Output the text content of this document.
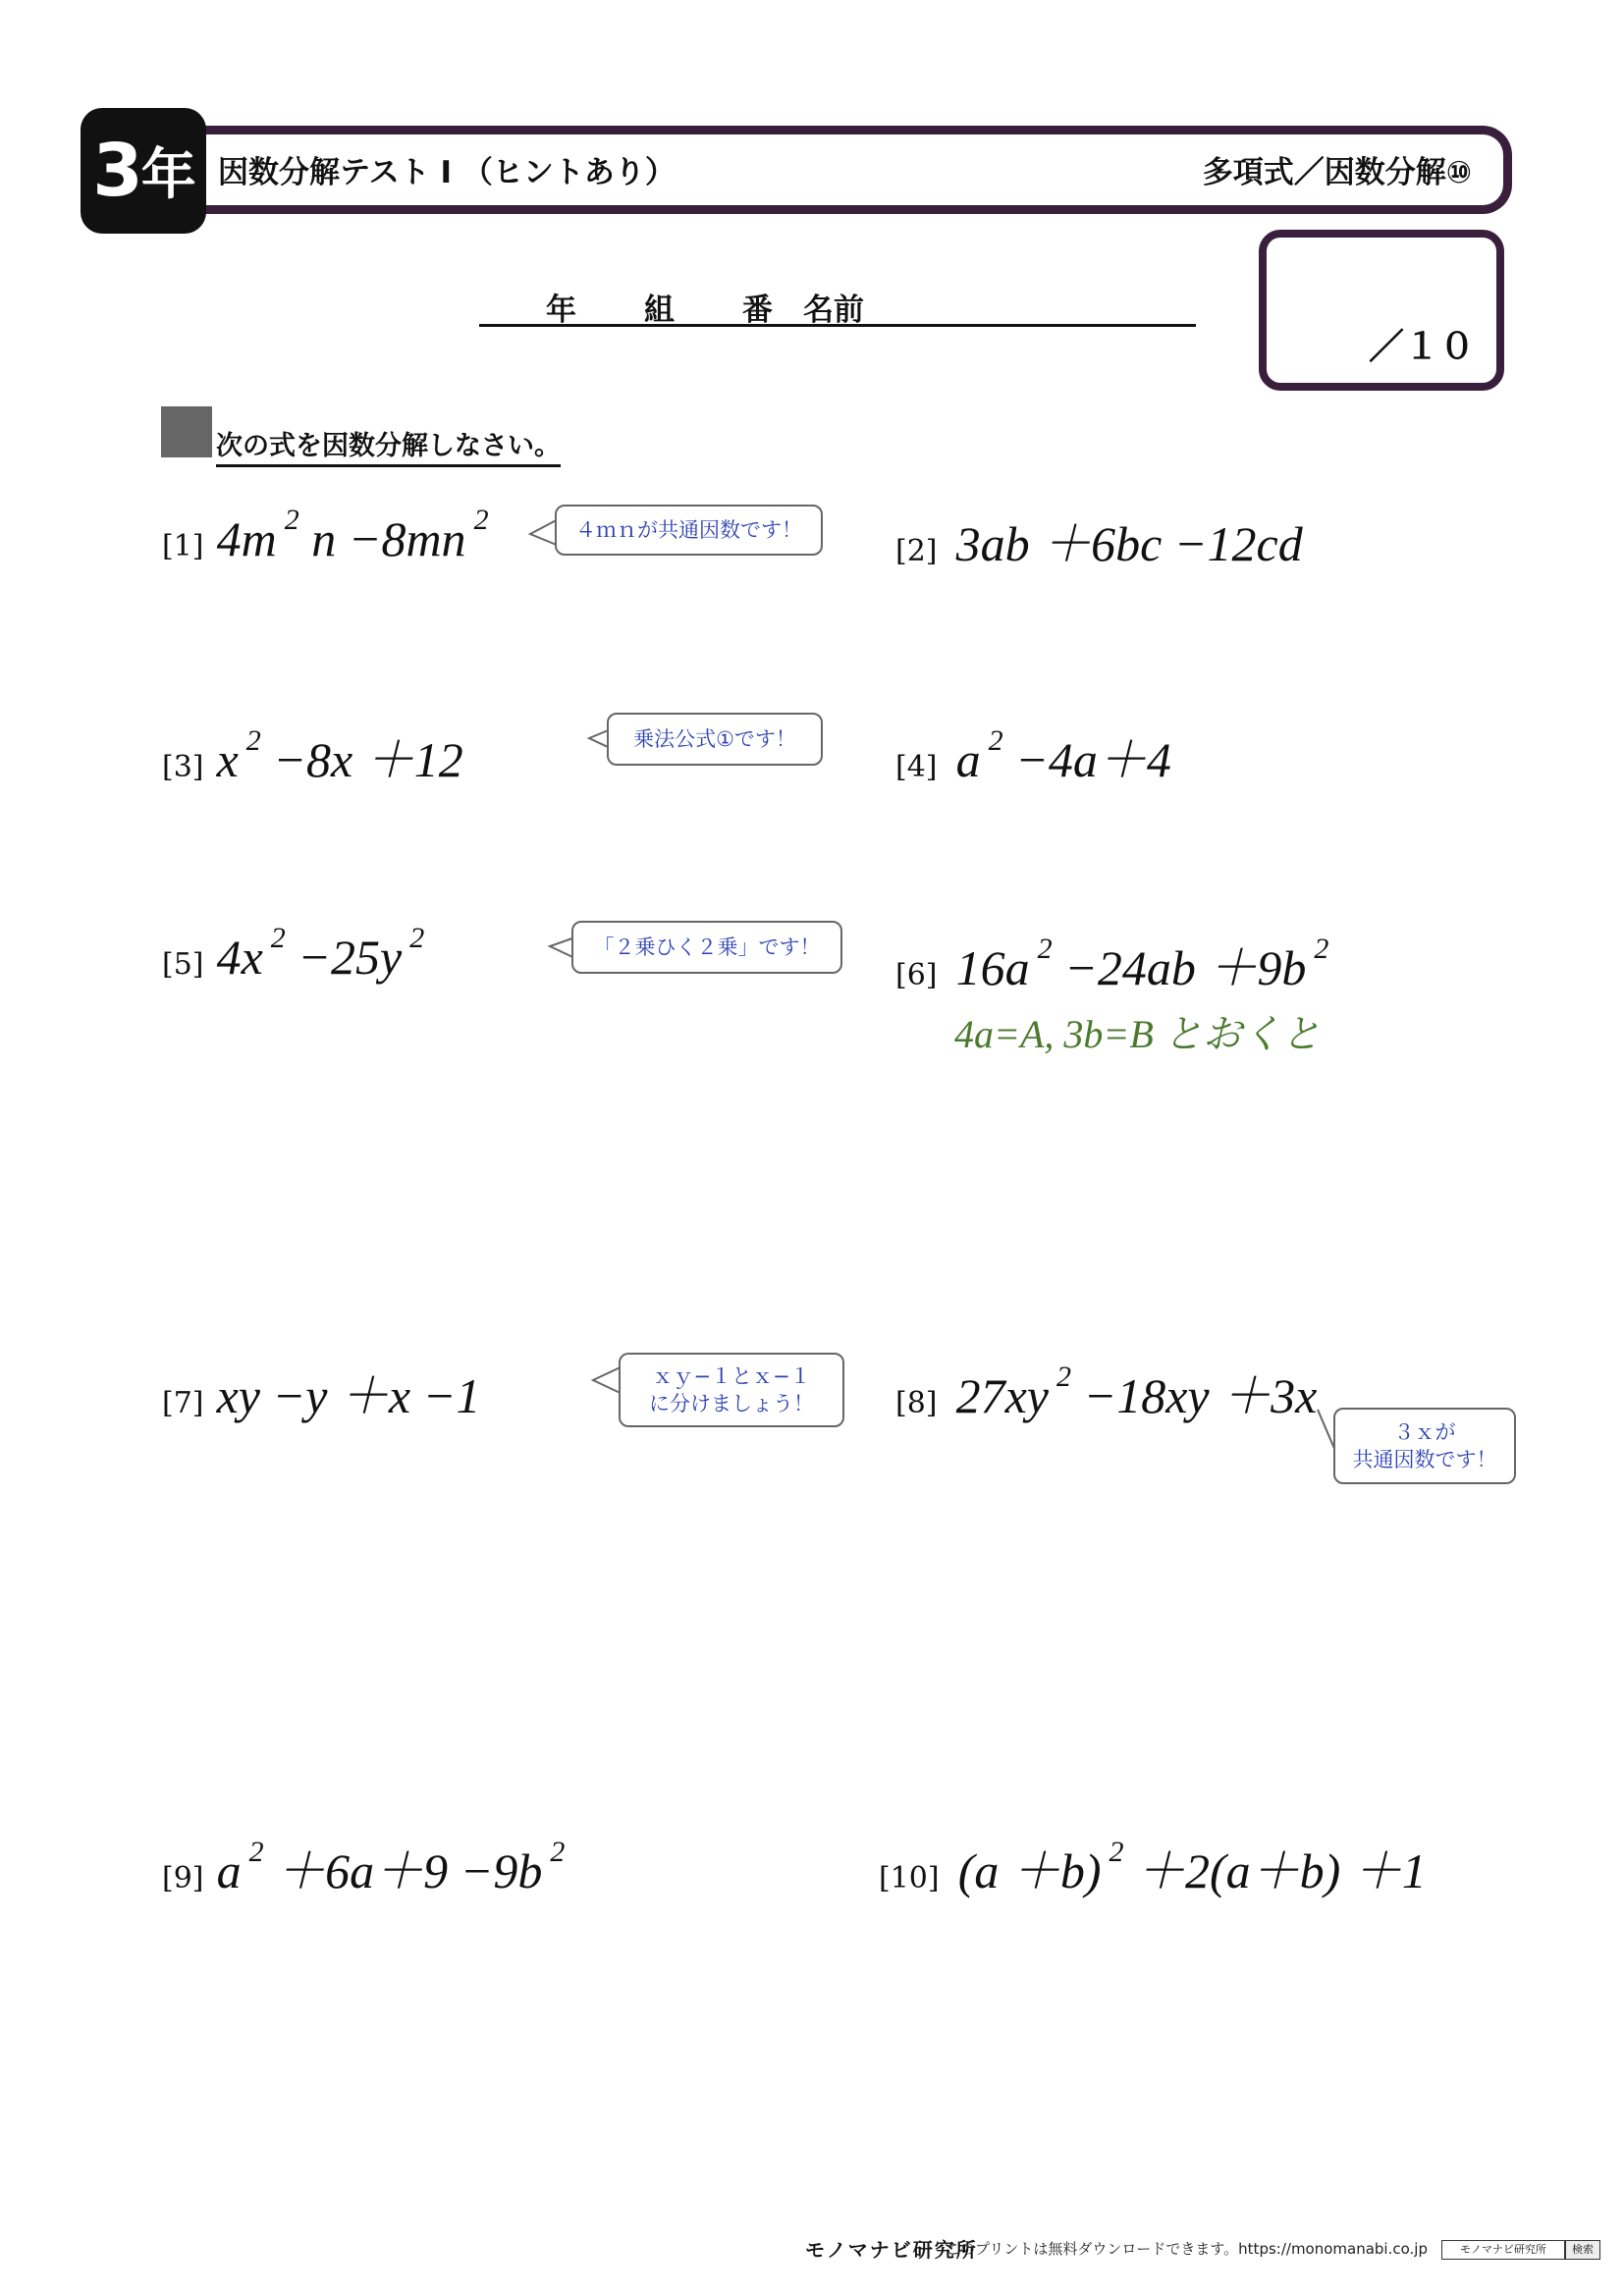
3 年 因数分解テスト I （ヒントあり）	多項式／因数分解⑩
年 組 番 名前
／１０
次の式を因数分解しなさい。
[1] 4m $^2$ n −8mn $^2$	４ｍｎが共通因数です！
[2] 3ab ＋6bc −12cd
[3] x $^2$ −8x ＋12	乗法公式①です！
[4] a $^2$ −4a＋4
[5] 4x $^2$ −25y $^2$	「２乗ひく２乗」です！
[6] 16a $^2$ −24ab ＋9b $^2$
4a=A, 3b=B とおくと
[7] xy −y ＋x −1	ｘｙ−１とｘ−１
に分けましょう！	[8] 27xy $^2$ −18xy ＋3x
３ｘが
共通因数です！
[9] a $^2$ ＋6a＋9 −9b $^2$
[10] (a ＋b) $^2$ ＋2(a＋b) ＋1
モノマナビ研究所
このプリントは無料ダウンロードできます。https://monomanabi.co.jp	モノマナビ研究所	検索
